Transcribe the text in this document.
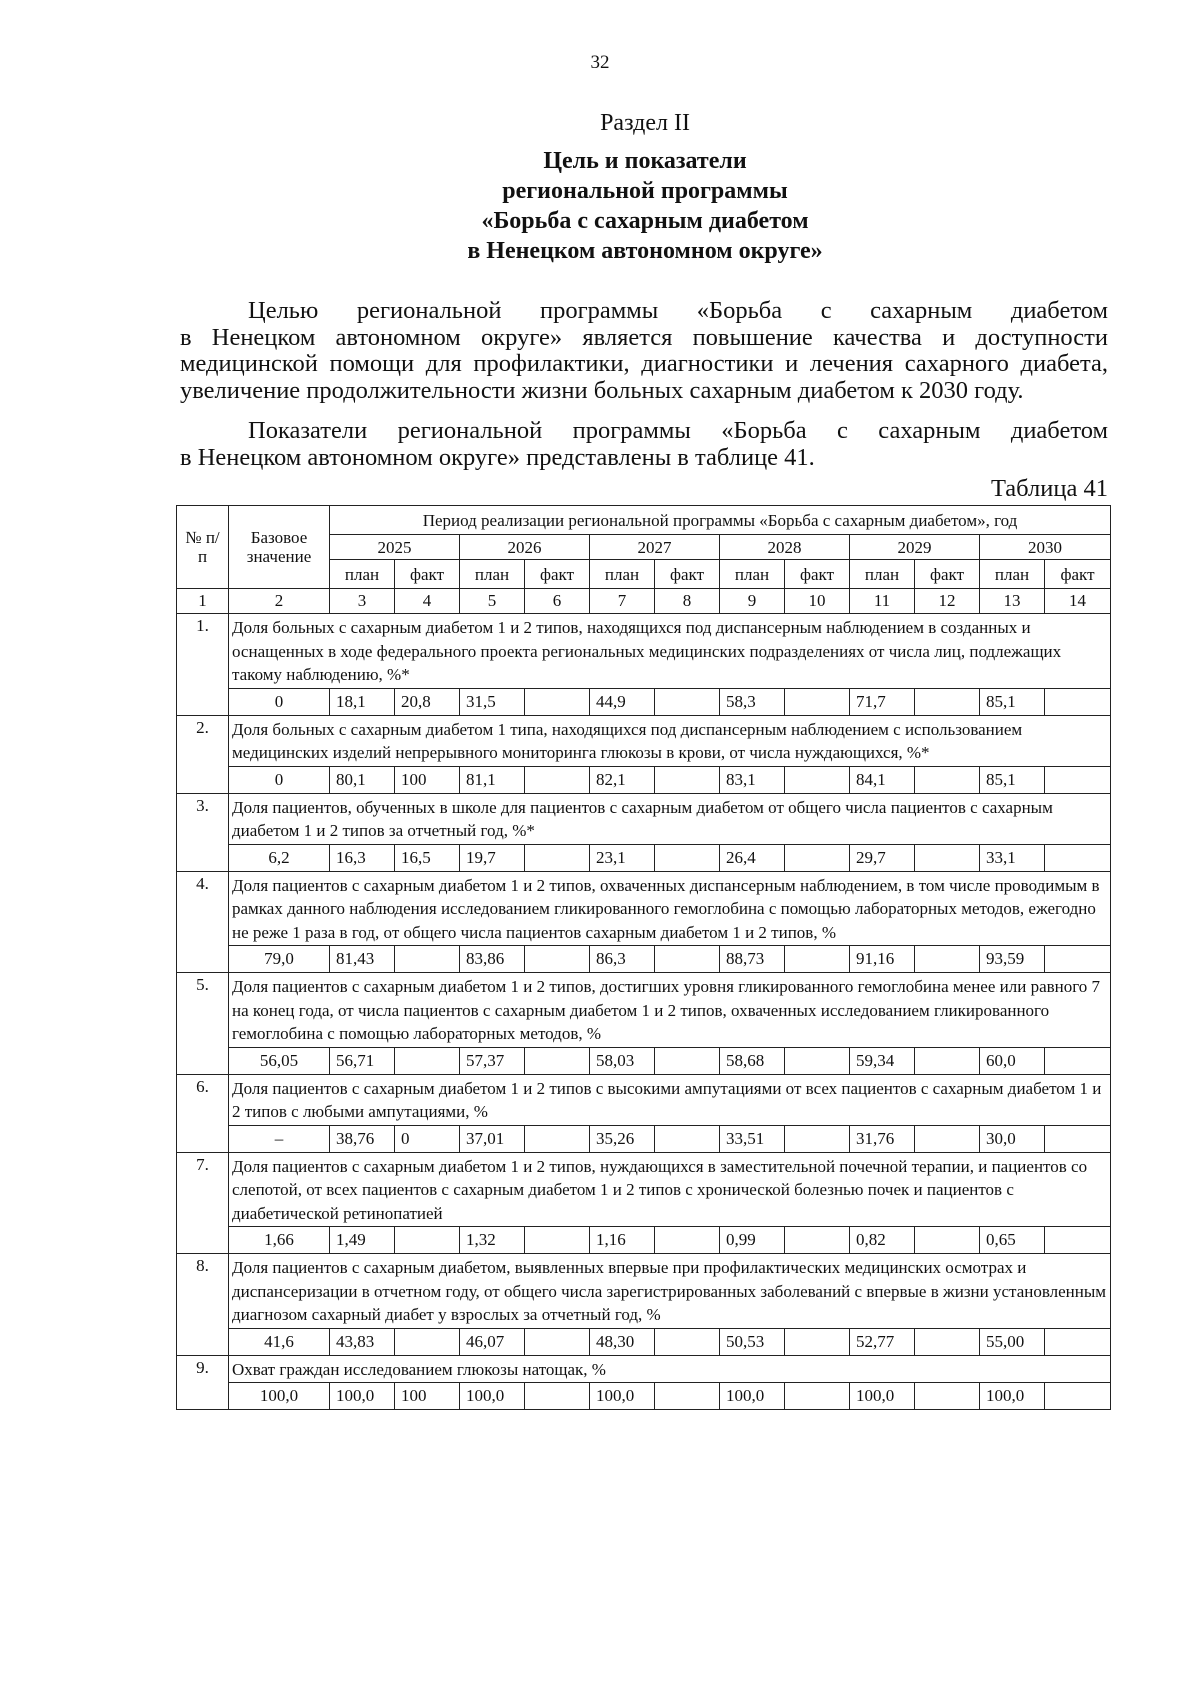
32
Раздел II
Цель и показатели
региональной программы
«Борьба с сахарным диабетом
в Ненецком автономном округе»
Целью региональной программы «Борьба с сахарным диабетом
в Ненецком автономном округе» является повышение качества и доступности
медицинской помощи для профилактики, диагностики и лечения сахарного диабета,
увеличение продолжительности жизни больных сахарным диабетом к 2030 году.
Показатели региональной программы «Борьба с сахарным диабетом
в Ненецком автономном округе» представлены в таблице 41.
Таблица 41
№ п/п	Базовое значение	Период реализации региональной программы «Борьба с сахарным диабетом», год											
		2025		2026		2027		2028		2029		2030	
		план	факт	план	факт	план	факт	план	факт	план	факт	план	факт
1	2	3	4	5	6	7	8	9	10	11	12	13	14
1.	Доля больных с сахарным диабетом 1 и 2 типов, находящихся под диспансерным наблюдением в созданных и оснащенных в ходе федерального проекта региональных медицинских подразделениях от числа лиц, подлежащих такому наблюдению, %*												
	0	18,1	20,8	31,5		44,9		58,3		71,7		85,1	
2.	Доля больных с сахарным диабетом 1 типа, находящихся под диспансерным наблюдением с использованием медицинских изделий непрерывного мониторинга глюкозы в крови, от числа нуждающихся, %*												
	0	80,1	100	81,1		82,1		83,1		84,1		85,1	
3.	Доля пациентов, обученных в школе для пациентов с сахарным диабетом от общего числа пациентов с сахарным диабетом 1 и 2 типов за отчетный год, %*												
	6,2	16,3	16,5	19,7		23,1		26,4		29,7		33,1	
4.	Доля пациентов с сахарным диабетом 1 и 2 типов, охваченных диспансерным наблюдением, в том числе проводимым в рамках данного наблюдения исследованием гликированного гемоглобина с помощью лабораторных методов, ежегодно не реже 1 раза в год, от общего числа пациентов сахарным диабетом 1 и 2 типов, %												
	79,0	81,43		83,86		86,3		88,73		91,16		93,59	
5.	Доля пациентов с сахарным диабетом 1 и 2 типов, достигших уровня гликированного гемоглобина менее или равного 7 на конец года, от числа пациентов с сахарным диабетом 1 и 2 типов, охваченных исследованием гликированного гемоглобина с помощью лабораторных методов, %												
	56,05	56,71		57,37		58,03		58,68		59,34		60,0	
6.	Доля пациентов с сахарным диабетом 1 и 2 типов с высокими ампутациями от всех пациентов с сахарным диабетом 1 и 2 типов с любыми ампутациями, %												
	–	38,76	0	37,01		35,26		33,51		31,76		30,0	
7.	Доля пациентов с сахарным диабетом 1 и 2 типов, нуждающихся в заместительной почечной терапии, и пациентов со слепотой, от всех пациентов с сахарным диабетом 1 и 2 типов с хронической болезнью почек и пациентов с диабетической ретинопатией												
	1,66	1,49		1,32		1,16		0,99		0,82		0,65	
8.	Доля пациентов с сахарным диабетом, выявленных впервые при профилактических медицинских осмотрах и диспансеризации в отчетном году, от общего числа зарегистрированных заболеваний с впервые в жизни установленным диагнозом сахарный диабет у взрослых за отчетный год, %												
	41,6	43,83		46,07		48,30		50,53		52,77		55,00	
9.	Охват граждан исследованием глюкозы натощак, %												
	100,0	100,0	100	100,0		100,0		100,0		100,0		100,0	
